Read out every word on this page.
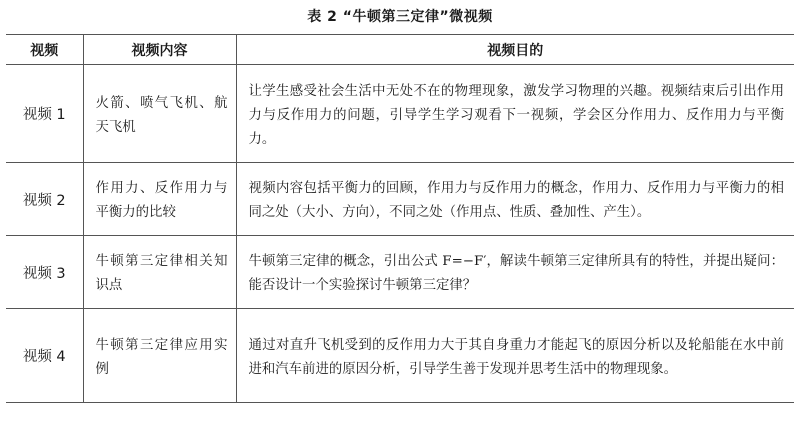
表 2 “牛顿第三定律”微视频
视频	视频内容	视频目的
视频 1	火箭、喷气飞机、航天飞机	让学生感受社会生活中无处不在的物理现象，激发学习物理的兴趣。视频结束后引出作用力与反作用力的问题，引导学生学习观看下一视频，学会区分作用力、反作用力与平衡力。
视频 2	作用力、反作用力与平衡力的比较	视频内容包括平衡力的回顾，作用力与反作用力的概念，作用力、反作用力与平衡力的相同之处（大小、方向），不同之处（作用点、性质、叠加性、产生）。
视频 3	牛顿第三定律相关知识点	牛顿第三定律的概念，引出公式 F=−F′，解读牛顿第三定律所具有的特性，并提出疑问：能否设计一个实验探讨牛顿第三定律？
视频 4	牛顿第三定律应用实例	通过对直升飞机受到的反作用力大于其自身重力才能起飞的原因分析以及轮船能在水中前进和汽车前进的原因分析，引导学生善于发现并思考生活中的物理现象。
